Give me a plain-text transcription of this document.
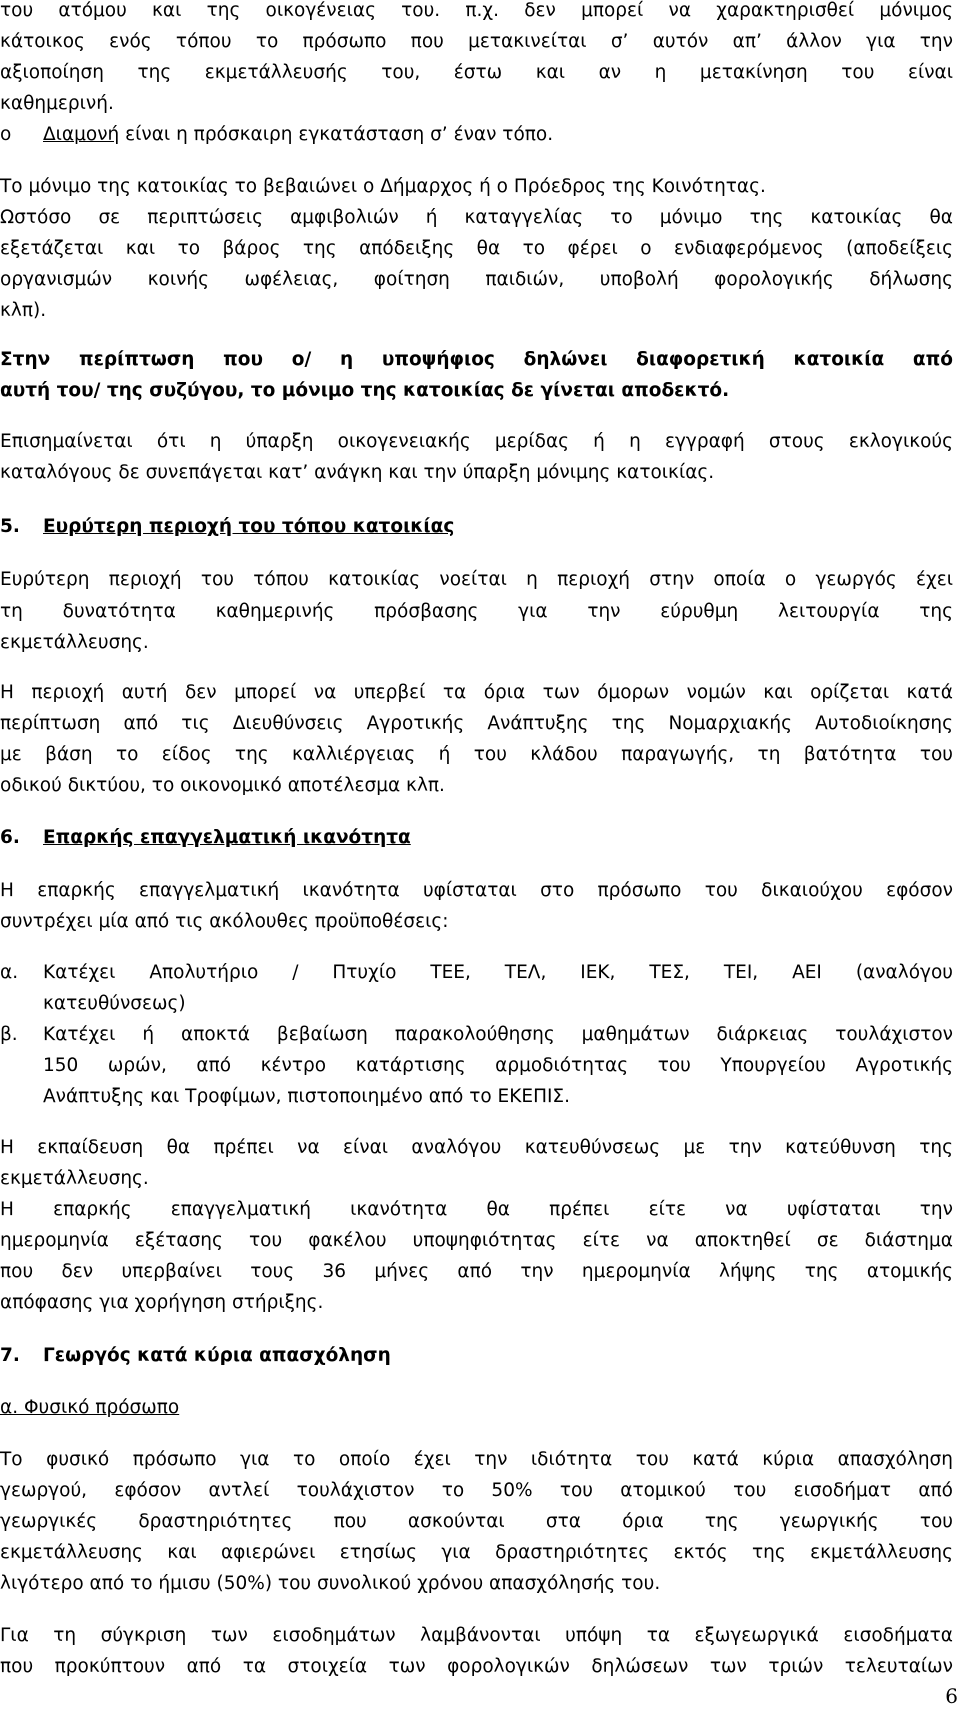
του ατόμου και της οικογένειας του. π.χ. δεν μπορεί να χαρακτηρισθεί μόνιμος
κάτοικος ενός τόπου το πρόσωπο που μετακινείται σ’ αυτόν απ’ άλλον για την
αξιοποίηση της εκμετάλλευσής του, έστω και αν η μετακίνηση του είναι
καθημερινή.
o Διαμονή είναι η πρόσκαιρη εγκατάσταση σ’ έναν τόπο.
Το μόνιμο της κατοικίας το βεβαιώνει ο Δήμαρχος ή ο Πρόεδρος της Κοινότητας.
Ωστόσο σε περιπτώσεις αμφιβολιών ή καταγγελίας το μόνιμο της κατοικίας θα
εξετάζεται και το βάρος της απόδειξης θα το φέρει ο ενδιαφερόμενος (αποδείξεις
οργανισμών κοινής ωφέλειας, φοίτηση παιδιών, υποβολή φορολογικής δήλωσης
κλπ).
Στην περίπτωση που ο/ η υποψήφιος δηλώνει διαφορετική κατοικία από
αυτή του/ της συζύγου, το μόνιμο της κατοικίας δε γίνεται αποδεκτό.
Επισημαίνεται ότι η ύπαρξη οικογενειακής μερίδας ή η εγγραφή στους εκλογικούς
καταλόγους δε συνεπάγεται κατ’ ανάγκη και την ύπαρξη μόνιμης κατοικίας.
5. Ευρύτερη περιοχή του τόπου κατοικίας
Ευρύτερη περιοχή του τόπου κατοικίας νοείται η περιοχή στην οποία ο γεωργός έχει
τη δυνατότητα καθημερινής πρόσβασης για την εύρυθμη λειτουργία της
εκμετάλλευσης.
Η περιοχή αυτή δεν μπορεί να υπερβεί τα όρια των όμορων νομών και ορίζεται κατά
περίπτωση από τις Διευθύνσεις Αγροτικής Ανάπτυξης της Νομαρχιακής Αυτοδιοίκησης
με βάση το είδος της καλλιέργειας ή του κλάδου παραγωγής, τη βατότητα του
οδικού δικτύου, το οικονομικό αποτέλεσμα κλπ.
6. Επαρκής επαγγελματική ικανότητα
Η επαρκής επαγγελματική ικανότητα υφίσταται στο πρόσωπο του δικαιούχου εφόσον
συντρέχει μία από τις ακόλουθες προϋποθέσεις:
α. Κατέχει Απολυτήριο / Πτυχίο ΤΕΕ, ΤΕΛ, ΙΕΚ, ΤΕΣ, ΤΕΙ, ΑΕΙ (αναλόγου
κατευθύνσεως)
β. Κατέχει ή αποκτά βεβαίωση παρακολούθησης μαθημάτων διάρκειας τουλάχιστον
150 ωρών, από κέντρο κατάρτισης αρμοδιότητας του Υπουργείου Αγροτικής
Ανάπτυξης και Τροφίμων, πιστοποιημένο από το ΕΚΕΠΙΣ.
Η εκπαίδευση θα πρέπει να είναι αναλόγου κατευθύνσεως με την κατεύθυνση της
εκμετάλλευσης.
Η επαρκής επαγγελματική ικανότητα θα πρέπει είτε να υφίσταται την
ημερομηνία εξέτασης του φακέλου υποψηφιότητας είτε να αποκτηθεί σε διάστημα
που δεν υπερβαίνει τους 36 μήνες από την ημερομηνία λήψης της ατομικής
απόφασης για χορήγηση στήριξης.
7. Γεωργός κατά κύρια απασχόληση
α. Φυσικό πρόσωπο
Το φυσικό πρόσωπο για το οποίο έχει την ιδιότητα του κατά κύρια απασχόληση
γεωργού, εφόσον αντλεί τουλάχιστον το 50% του ατομικού του εισοδήματ από
γεωργικές δραστηριότητες που ασκούνται στα όρια της γεωργικής του
εκμετάλλευσης και αφιερώνει ετησίως για δραστηριότητες εκτός της εκμετάλλευσης
λιγότερο από το ήμισυ (50%) του συνολικού χρόνου απασχόλησής του.
Για τη σύγκριση των εισοδημάτων λαμβάνονται υπόψη τα εξωγεωργικά εισοδήματα
που προκύπτουν από τα στοιχεία των φορολογικών δηλώσεων των τριών τελευταίων
6
